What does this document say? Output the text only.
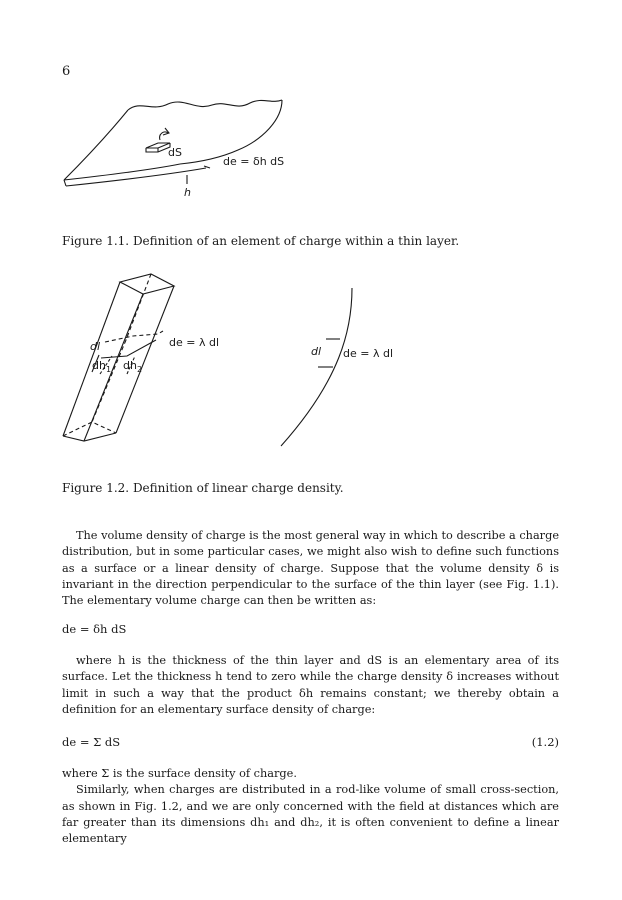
6
dS
de = δh dS
h
Figure 1.1. Definition of an element of charge within a thin layer.
dl	de = λ dl
$dh_1$ $dh_2$
dl de = λ dl
Figure 1.2. Definition of linear charge density.

The volume density of charge is the most general way in which to describe a charge distribution, but in some particular cases, we might also wish to define such functions as a surface or a linear density of charge. Suppose that the volume density δ is invariant in the direction perpendicular to the surface of the thin layer (see Fig. 1.1). The elementary volume charge can then be written as:

de = δh dS

where h is the thickness of the thin layer and dS is an elementary area of its surface. Let the thickness h tend to zero while the charge density δ increases without limit in such a way that the product δh remains constant; we thereby obtain a definition for an elementary surface density of charge:

de = Σ dS	(1.2)

where Σ is the surface density of charge.

Similarly, when charges are distributed in a rod-like volume of small cross-section, as shown in Fig. 1.2, and we are only concerned with the field at distances which are far greater than its dimensions dh₁ and dh₂, it is often convenient to define a linear elementary
